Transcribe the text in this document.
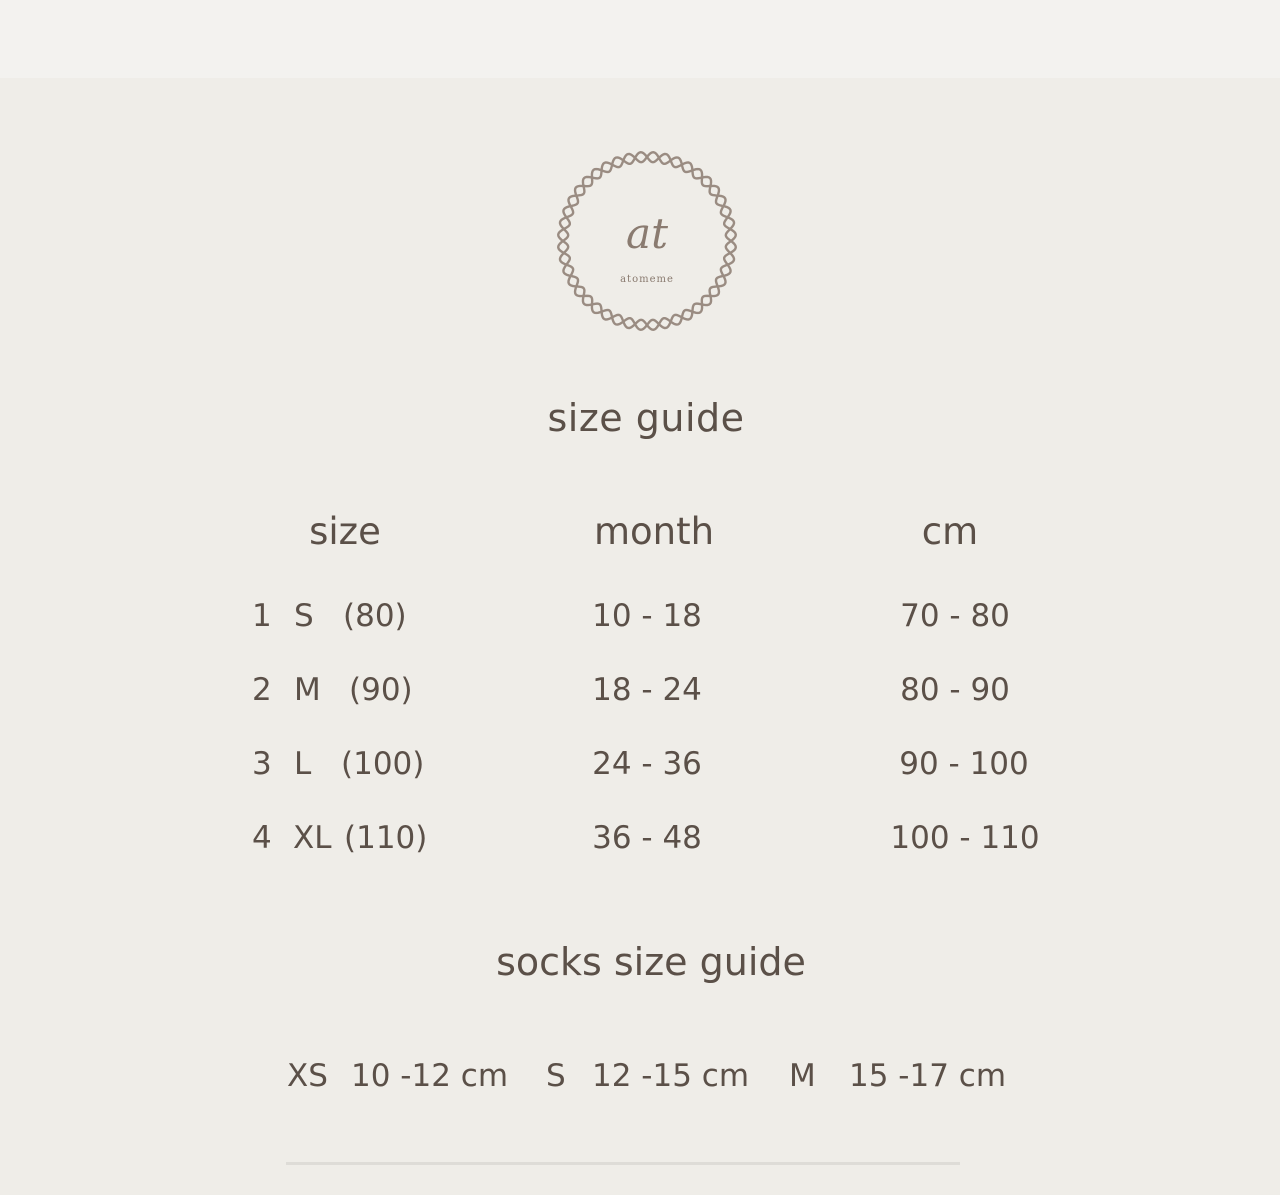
at
atomeme
size guide
size	month	cm
1 S (80)	10 - 18	70 - 80
2 M (90)	18 - 24	80 - 90
3 L (100)	24 - 36	90 - 100
4 XL (110)	36 - 48	100 - 110
socks size guide
XS 10 -12 cm S 12 -15 cm M 15 -17 cm
